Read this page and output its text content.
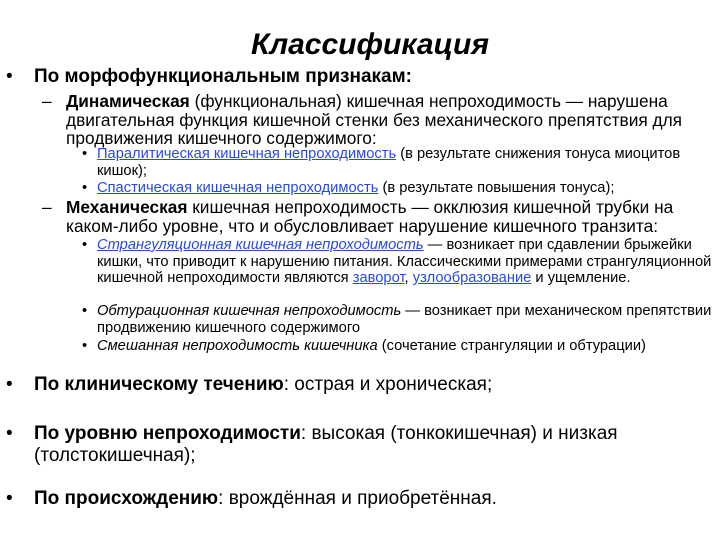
Классификация
•	По морфофункциональным признакам:
– Динамическая (функциональная) кишечная непроходимость — нарушена двигательная функция кишечной стенки без механического препятствия для продвижения кишечного содержимого:
• Паралитическая кишечная непроходимость (в результате снижения тонуса миоцитов кишок);
• Спастическая кишечная непроходимость (в результате повышения тонуса);
– Механическая кишечная непроходимость — окклюзия кишечной трубки на каком-либо уровне, что и обусловливает нарушение кишечного транзита:
• Странгуляционная кишечная непроходимость — возникает при сдавлении брыжейки кишки, что приводит к нарушению питания. Классическими примерами странгуляционной кишечной непроходимости являются заворот, узлообразование и ущемление.
• Обтурационная кишечная непроходимость — возникает при механическом препятствии продвижению кишечного содержимого
• Смешанная непроходимость кишечника (сочетание странгуляции и обтурации)
•	По клиническому течению: острая и хроническая;
•	По уровню непроходимости: высокая (тонкокишечная) и низкая (толстокишечная);
•	По происхождению: врождённая и приобретённая.
